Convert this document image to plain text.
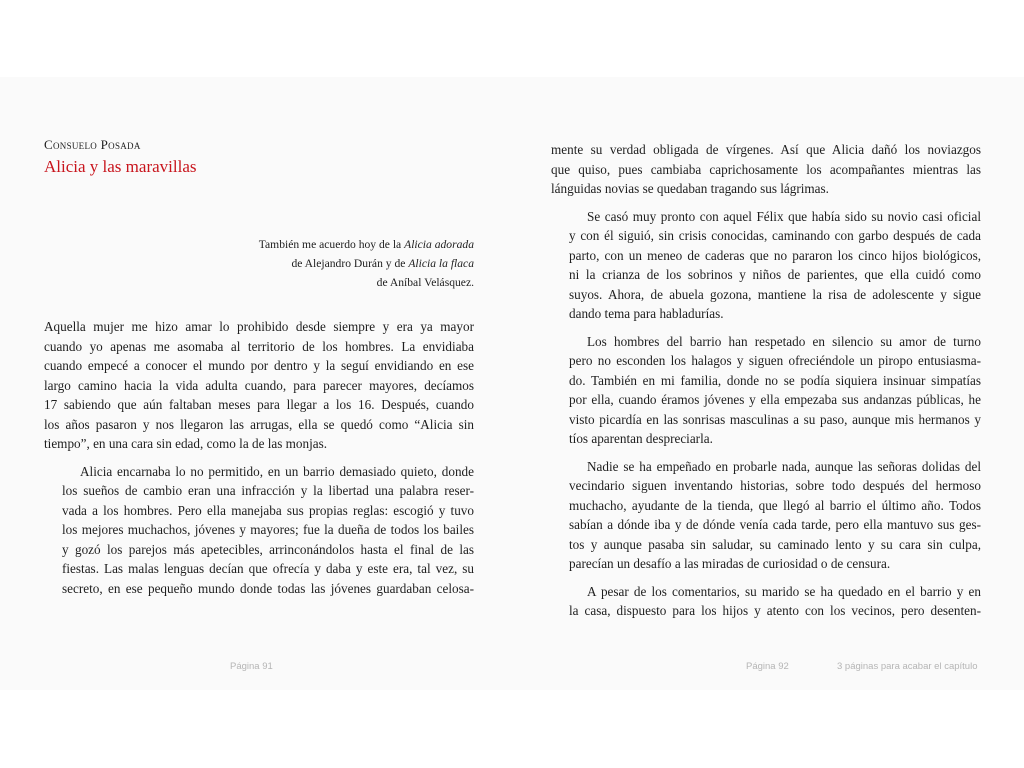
Consuelo Posada
Alicia y las maravillas
También me acuerdo hoy de la Alicia adorada
de Alejandro Durán y de Alicia la flaca
de Aníbal Velásquez.

Aquella mujer me hizo amar lo prohibido desde siempre y era ya mayor
cuando yo apenas me asomaba al territorio de los hombres. La envidiaba
cuando empecé a conocer el mundo por dentro y la seguí envidiando en ese
largo camino hacia la vida adulta cuando, para parecer mayores, decíamos
17 sabiendo que aún faltaban meses para llegar a los 16. Después, cuando
los años pasaron y nos llegaron las arrugas, ella se quedó como “Alicia sin
tiempo”, en una cara sin edad, como la de las monjas.

Alicia encarnaba lo no permitido, en un barrio demasiado quieto, donde
los sueños de cambio eran una infracción y la libertad una palabra reser-
vada a los hombres. Pero ella manejaba sus propias reglas: escogió y tuvo
los mejores muchachos, jóvenes y mayores; fue la dueña de todos los bailes
y gozó los parejos más apetecibles, arrinconándolos hasta el final de las
fiestas. Las malas lenguas decían que ofrecía y daba y este era, tal vez, su
secreto, en ese pequeño mundo donde todas las jóvenes guardaban celosa-

Página 91

mente su verdad obligada de vírgenes. Así que Alicia dañó los noviazgos
que quiso, pues cambiaba caprichosamente los acompañantes mientras las
lánguidas novias se quedaban tragando sus lágrimas.

Se casó muy pronto con aquel Félix que había sido su novio casi oficial
y con él siguió, sin crisis conocidas, caminando con garbo después de cada
parto, con un meneo de caderas que no pararon los cinco hijos biológicos,
ni la crianza de los sobrinos y niños de parientes, que ella cuidó como
suyos. Ahora, de abuela gozona, mantiene la risa de adolescente y sigue
dando tema para habladurías.

Los hombres del barrio han respetado en silencio su amor de turno
pero no esconden los halagos y siguen ofreciéndole un piropo entusiasma-
do. También en mi familia, donde no se podía siquiera insinuar simpatías
por ella, cuando éramos jóvenes y ella empezaba sus andanzas públicas, he
visto picardía en las sonrisas masculinas a su paso, aunque mis hermanos y
tíos aparentan despreciarla.

Nadie se ha empeñado en probarle nada, aunque las señoras dolidas del
vecindario siguen inventando historias, sobre todo después del hermoso
muchacho, ayudante de la tienda, que llegó al barrio el último año. Todos
sabían a dónde iba y de dónde venía cada tarde, pero ella mantuvo sus ges-
tos y aunque pasaba sin saludar, su caminado lento y su cara sin culpa,
parecían un desafío a las miradas de curiosidad o de censura.

A pesar de los comentarios, su marido se ha quedado en el barrio y en
la casa, dispuesto para los hijos y atento con los vecinos, pero desenten-

Página 92	3 páginas para acabar el capítulo
